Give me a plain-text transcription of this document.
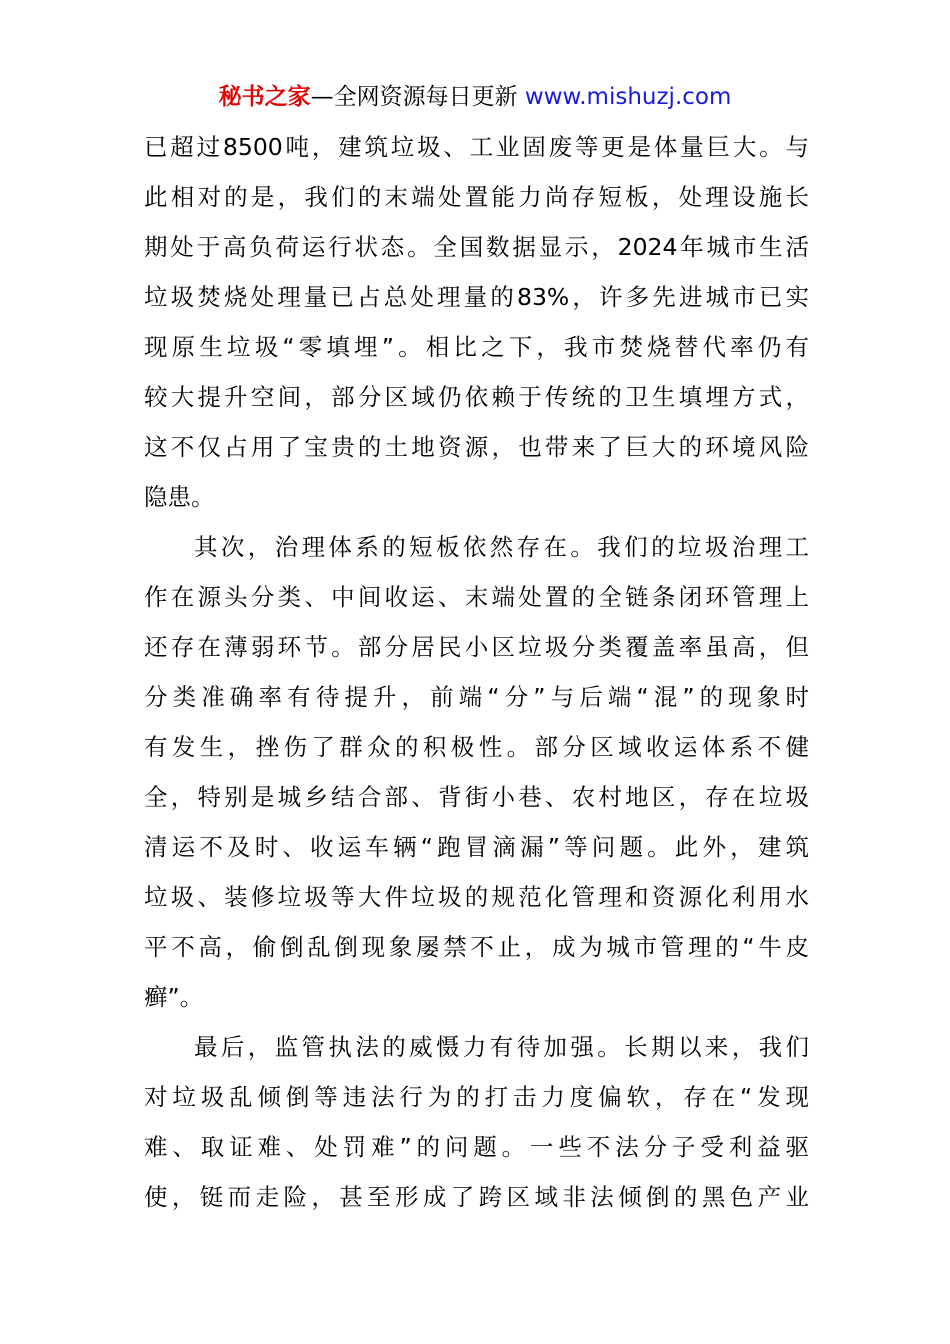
秘书之家—全网资源每日更新 www.mishuzj.com
已超过8500吨，建筑垃圾、工业固废等更是体量巨大。与
此相对的是，我们的末端处置能力尚存短板，处理设施长
期处于高负荷运行状态。全国数据显示，2024年城市生活
垃圾焚烧处理量已占总处理量的83%，许多先进城市已实
现原生垃圾“零填埋”。相比之下，我市焚烧替代率仍有
较大提升空间，部分区域仍依赖于传统的卫生填埋方式，
这不仅占用了宝贵的土地资源，也带来了巨大的环境风险
隐患。
其次，治理体系的短板依然存在。我们的垃圾治理工
作在源头分类、中间收运、末端处置的全链条闭环管理上
还存在薄弱环节。部分居民小区垃圾分类覆盖率虽高，但
分类准确率有待提升，前端“分”与后端“混”的现象时
有发生，挫伤了群众的积极性。部分区域收运体系不健
全，特别是城乡结合部、背街小巷、农村地区，存在垃圾
清运不及时、收运车辆“跑冒滴漏”等问题。此外，建筑
垃圾、装修垃圾等大件垃圾的规范化管理和资源化利用水
平不高，偷倒乱倒现象屡禁不止，成为城市管理的“牛皮
癣”。
最后，监管执法的威慑力有待加强。长期以来，我们
对垃圾乱倾倒等违法行为的打击力度偏软，存在“发现
难、取证难、处罚难”的问题。一些不法分子受利益驱
使，铤而走险，甚至形成了跨区域非法倾倒的黑色产业
